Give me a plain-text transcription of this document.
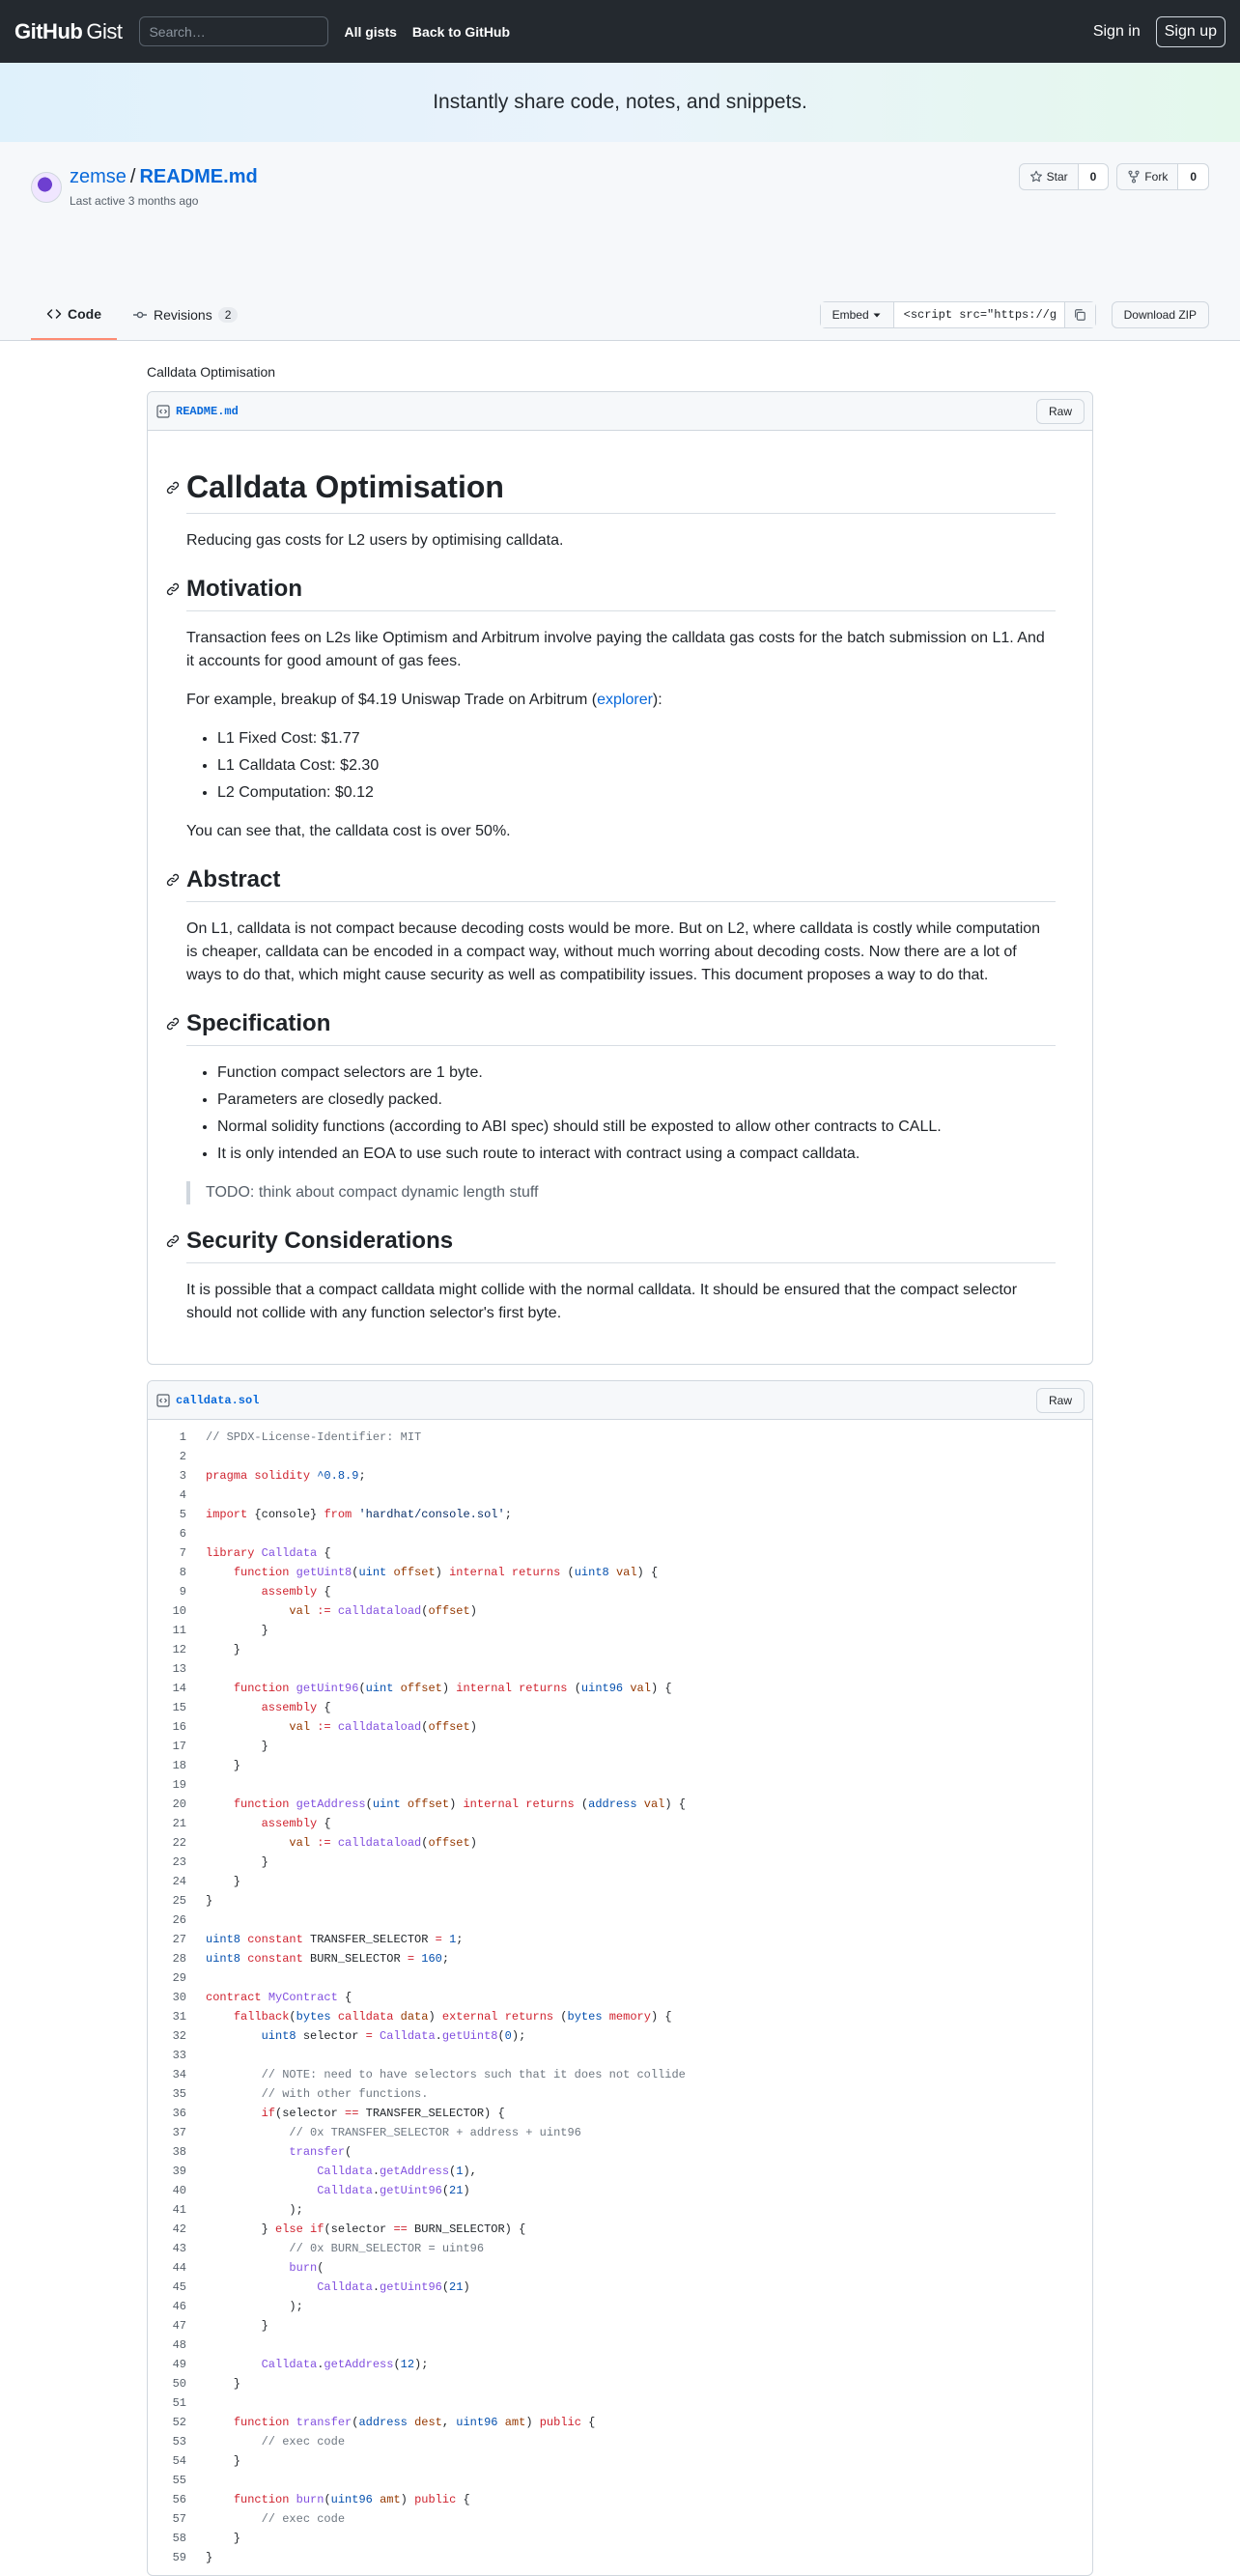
GitHub Gist
Search…	All gists Back to GitHub	Sign in	Sign up
Instantly share code, notes, and snippets.
zemse / README.md
Last active 3 months ago
Star	0	Fork	0
Code	Revisions	2	Embed	<script src="https://g	Download ZIP
Calldata Optimisation
README.md	Raw
Calldata Optimisation

Reducing gas costs for L2 users by optimising calldata.

Motivation

Transaction fees on L2s like Optimism and Arbitrum involve paying the calldata gas costs for the batch submission on L1. And it accounts for good amount of gas fees.

For example, breakup of $4.19 Uniswap Trade on Arbitrum (explorer):

• L1 Fixed Cost: $1.77
• L1 Calldata Cost: $2.30
• L2 Computation: $0.12

You can see that, the calldata cost is over 50%.

Abstract

On L1, calldata is not compact because decoding costs would be more. But on L2, where calldata is costly while computation is cheaper, calldata can be encoded in a compact way, without much worring about decoding costs. Now there are a lot of ways to do that, which might cause security as well as compatibility issues. This document proposes a way to do that.

Specification
• Function compact selectors are 1 byte.
• Parameters are closedly packed.
• Normal solidity functions (according to ABI spec) should still be exposted to allow other contracts to CALL.
• It is only intended an EOA to use such route to interact with contract using a compact calldata.
TODO: think about compact dynamic length stuff
Security Considerations

It is possible that a compact calldata might collide with the normal calldata. It should be ensured that the compact selector should not collide with any function selector's first byte.

calldata.sol	Raw
1	// SPDX-License-Identifier: MIT
2
3	pragma solidity ^0.8.9;
4
5	import {console} from 'hardhat/console.sol';
6
7	library Calldata {
8	function getUint8(uint offset) internal returns (uint8 val) {
9	assembly {
10	val := calldataload(offset)
11	}
12	}
13
14	function getUint96(uint offset) internal returns (uint96 val) {
15	assembly {
16	val := calldataload(offset)
17	}
18	}
19
20	function getAddress(uint offset) internal returns (address val) {
21	assembly {
22	val := calldataload(offset)
23	}
24	}
25	}
26
27	uint8 constant TRANSFER_SELECTOR = 1;
28	uint8 constant BURN_SELECTOR = 160;
29
30	contract MyContract {
31	fallback(bytes calldata data) external returns (bytes memory) {
32	uint8 selector = Calldata.getUint8(0);
33
34	// NOTE: need to have selectors such that it does not collide
35	// with other functions.
36	if(selector == TRANSFER_SELECTOR) {
37	// 0x TRANSFER_SELECTOR + address + uint96
38	transfer(
39	Calldata.getAddress(1),
40	Calldata.getUint96(21)
41	);
42	} else if(selector == BURN_SELECTOR) {
43	// 0x BURN_SELECTOR = uint96
44	burn(
45	Calldata.getUint96(21)
46	);
47	}
48
49	Calldata.getAddress(12);
50	}
51
52	function transfer(address dest, uint96 amt) public {
53	// exec code
54	}
55
56	function burn(uint96 amt) public {
57	// exec code
58	}
59	}
